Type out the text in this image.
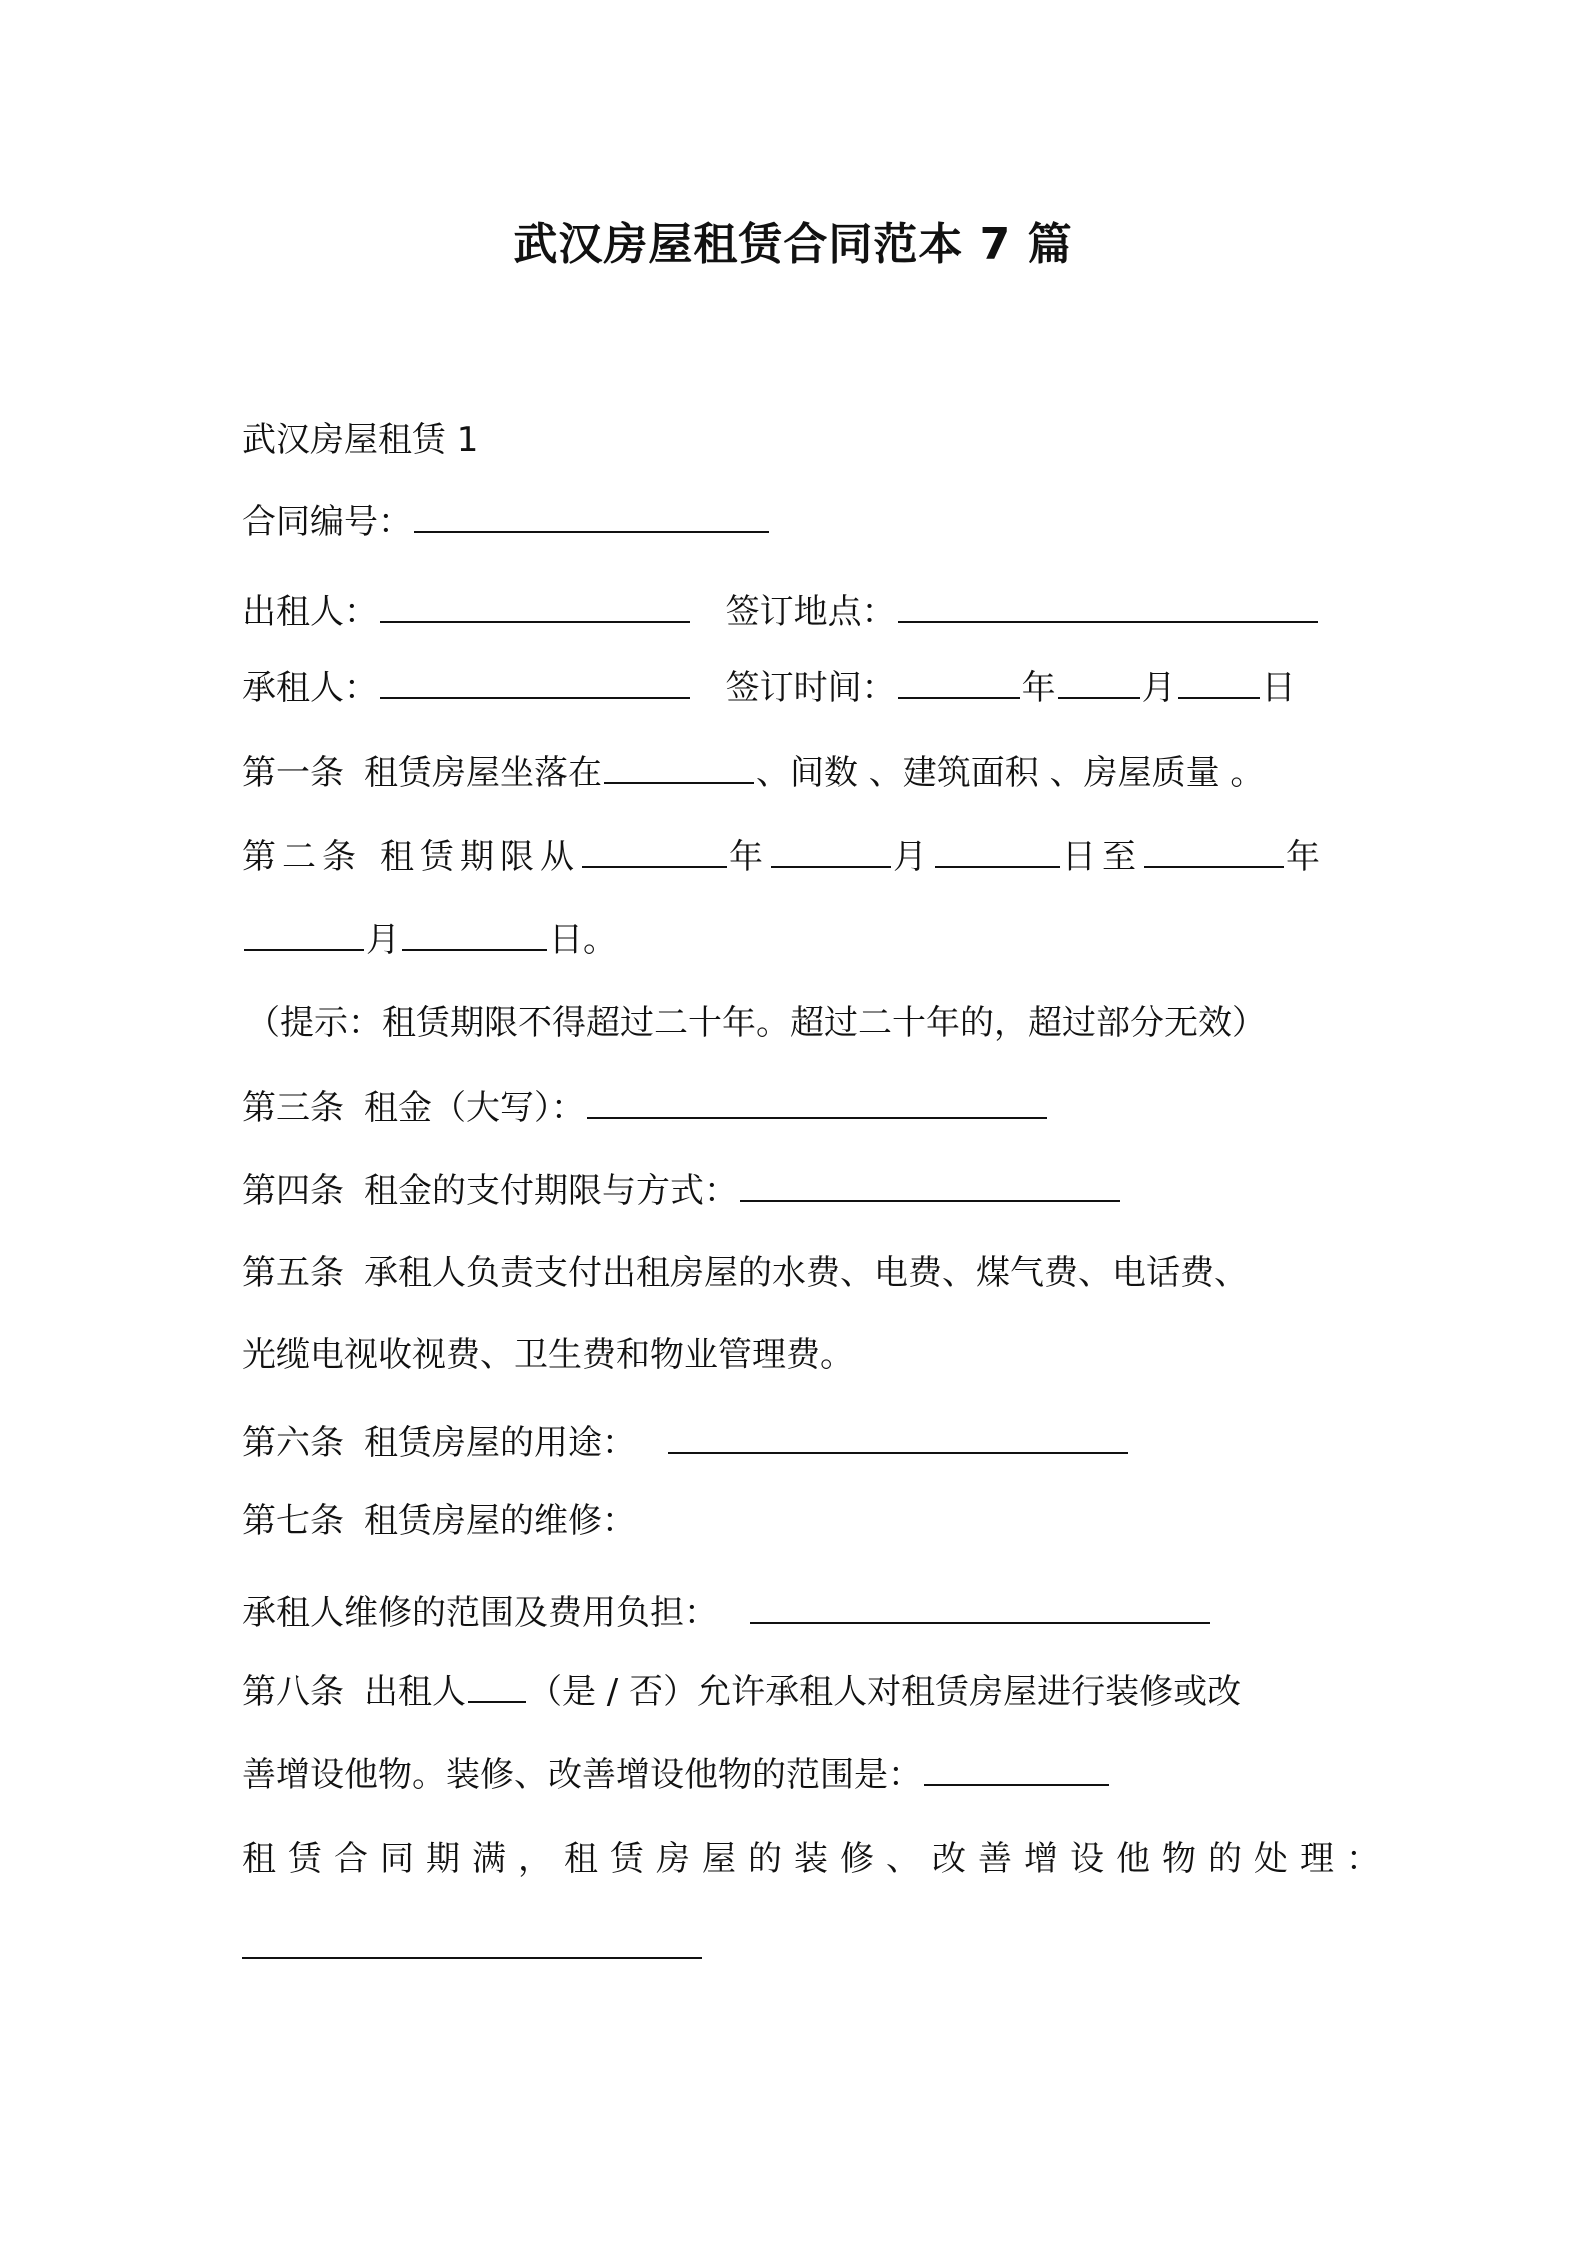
武汉房屋租赁合同范本 7 篇
武汉房屋租赁 1
合同编号：
出租人：	签订地点：
承租人：	签订时间：	年	月	日
第一条 租赁房屋坐落在	、间数 、建筑面积 、房屋质量 。
第二条 租赁期限从	年	月	日至	年
月	日。
（提示：租赁期限不得超过二十年。超过二十年的，超过部分无效）
第三条 租金（大写）：
第四条 租金的支付期限与方式：
第五条 承租人负责支付出租房屋的水费、电费、煤气费、电话费、
光缆电视收视费、卫生费和物业管理费。
第六条 租赁房屋的用途：
第七条 租赁房屋的维修：
承租人维修的范围及费用负担：
第八条 出租人 （是 / 否）允许承租人对租赁房屋进行装修或改
善增设他物。装修、改善增设他物的范围是：
租赁合同期满，租赁房屋的装修、改善增设他物的处理：
